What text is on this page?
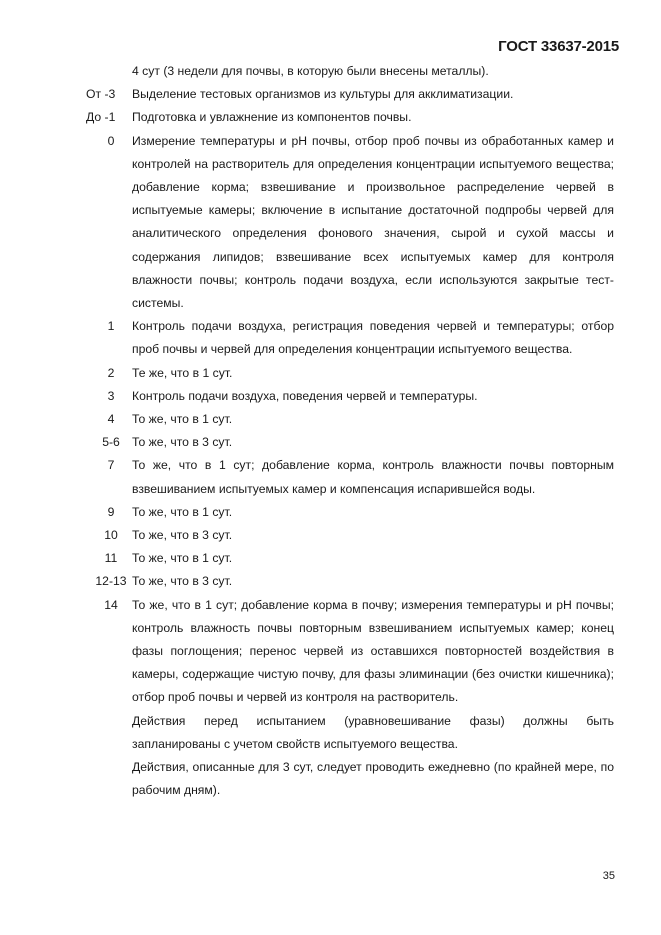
ГОСТ 33637-2015

4 сут (3 недели для почвы, в которую были внесены металлы).

От -3	Выделение тестовых организмов из культуры для акклиматизации.

До -1	Подготовка и увлажнение из компонентов почвы.

0	Измерение температуры и рН почвы, отбор проб почвы из обработанных камер и контролей на растворитель для определения концентрации испытуемого вещества; добавление корма; взвешивание и произвольное распределение червей в испытуемые камеры; включение в испытание достаточной подпробы червей для аналитического определения фонового значения, сырой и сухой массы и содержания липидов; взвешивание всех испытуемых камер для контроля влажности почвы; контроль подачи воздуха, если используются закрытые тест-системы.

1	Контроль подачи воздуха, регистрация поведения червей и температуры; отбор проб почвы и червей для определения концентрации испытуемого вещества.

2	Те же, что в 1 сут.

3	Контроль подачи воздуха, поведения червей и температуры.

4	То же, что в 1 сут.

5-6 То же, что в 3 сут.

7	То же, что в 1 сут; добавление корма, контроль влажности почвы повторным взвешиванием испытуемых камер и компенсация испарившейся воды.

9	То же, что в 1 сут.

10	То же, что в 3 сут.

11	То же, что в 1 сут.

12-13 То же, что в 3 сут.

14	То же, что в 1 сут; добавление корма в почву; измерения температуры и рН почвы; контроль влажность почвы повторным взвешиванием испытуемых камер; конец фазы поглощения; перенос червей из оставшихся повторностей воздействия в камеры, содержащие чистую почву, для фазы элиминации (без очистки кишечника); отбор проб почвы и червей из контроля на растворитель.

Действия перед испытанием (уравновешивание фазы) должны быть запланированы с учетом свойств испытуемого вещества.

Действия, описанные для 3 сут, следует проводить ежедневно (по крайней мере, по рабочим дням).

35
